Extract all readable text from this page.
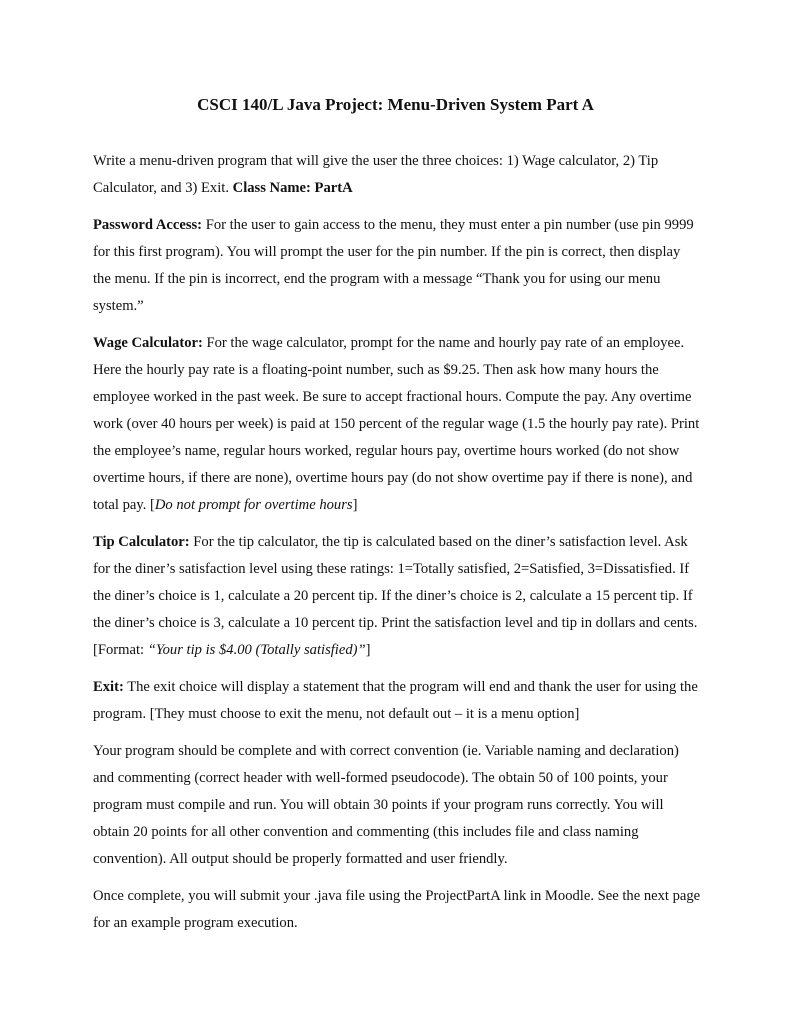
CSCI 140/L Java Project: Menu-Driven System Part A

Write a menu-driven program that will give the user the three choices: 1) Wage calculator, 2) Tip Calculator, and 3) Exit. Class Name: PartA

Password Access: For the user to gain access to the menu, they must enter a pin number (use pin 9999 for this first program). You will prompt the user for the pin number. If the pin is correct, then display the menu. If the pin is incorrect, end the program with a message “Thank you for using our menu system.”

Wage Calculator: For the wage calculator, prompt for the name and hourly pay rate of an employee. Here the hourly pay rate is a floating-point number, such as $9.25. Then ask how many hours the employee worked in the past week. Be sure to accept fractional hours. Compute the pay. Any overtime work (over 40 hours per week) is paid at 150 percent of the regular wage (1.5 the hourly pay rate). Print the employee’s name, regular hours worked, regular hours pay, overtime hours worked (do not show overtime hours, if there are none), overtime hours pay (do not show overtime pay if there is none), and total pay. [Do not prompt for overtime hours]

Tip Calculator: For the tip calculator, the tip is calculated based on the diner’s satisfaction level. Ask for the diner’s satisfaction level using these ratings: 1=Totally satisfied, 2=Satisfied, 3=Dissatisfied. If the diner’s choice is 1, calculate a 20 percent tip. If the diner’s choice is 2, calculate a 15 percent tip. If the diner’s choice is 3, calculate a 10 percent tip. Print the satisfaction level and tip in dollars and cents. [Format: “Your tip is $4.00 (Totally satisfied)”]

Exit: The exit choice will display a statement that the program will end and thank the user for using the program. [They must choose to exit the menu, not default out – it is a menu option]

Your program should be complete and with correct convention (ie. Variable naming and declaration) and commenting (correct header with well-formed pseudocode). The obtain 50 of 100 points, your program must compile and run. You will obtain 30 points if your program runs correctly. You will obtain 20 points for all other convention and commenting (this includes file and class naming convention). All output should be properly formatted and user friendly.

Once complete, you will submit your .java file using the ProjectPartA link in Moodle. See the next page for an example program execution.
